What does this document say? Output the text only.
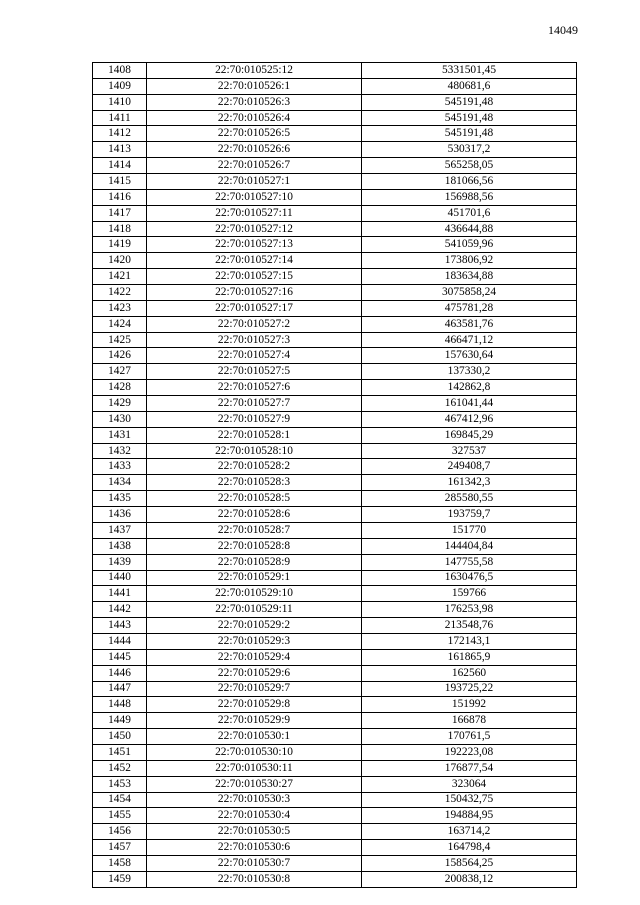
14049
1408	22:70:010525:12	5331501,45
1409	22:70:010526:1	480681,6
1410	22:70:010526:3	545191,48
1411	22:70:010526:4	545191,48
1412	22:70:010526:5	545191,48
1413	22:70:010526:6	530317,2
1414	22:70:010526:7	565258,05
1415	22:70:010527:1	181066,56
1416	22:70:010527:10	156988,56
1417	22:70:010527:11	451701,6
1418	22:70:010527:12	436644,88
1419	22:70:010527:13	541059,96
1420	22:70:010527:14	173806,92
1421	22:70:010527:15	183634,88
1422	22:70:010527:16	3075858,24
1423	22:70:010527:17	475781,28
1424	22:70:010527:2	463581,76
1425	22:70:010527:3	466471,12
1426	22:70:010527:4	157630,64
1427	22:70:010527:5	137330,2
1428	22:70:010527:6	142862,8
1429	22:70:010527:7	161041,44
1430	22:70:010527:9	467412,96
1431	22:70:010528:1	169845,29
1432	22:70:010528:10	327537
1433	22:70:010528:2	249408,7
1434	22:70:010528:3	161342,3
1435	22:70:010528:5	285580,55
1436	22:70:010528:6	193759,7
1437	22:70:010528:7	151770
1438	22:70:010528:8	144404,84
1439	22:70:010528:9	147755,58
1440	22:70:010529:1	1630476,5
1441	22:70:010529:10	159766
1442	22:70:010529:11	176253,98
1443	22:70:010529:2	213548,76
1444	22:70:010529:3	172143,1
1445	22:70:010529:4	161865,9
1446	22:70:010529:6	162560
1447	22:70:010529:7	193725,22
1448	22:70:010529:8	151992
1449	22:70:010529:9	166878
1450	22:70:010530:1	170761,5
1451	22:70:010530:10	192223,08
1452	22:70:010530:11	176877,54
1453	22:70:010530:27	323064
1454	22:70:010530:3	150432,75
1455	22:70:010530:4	194884,95
1456	22:70:010530:5	163714,2
1457	22:70:010530:6	164798,4
1458	22:70:010530:7	158564,25
1459	22:70:010530:8	200838,12
